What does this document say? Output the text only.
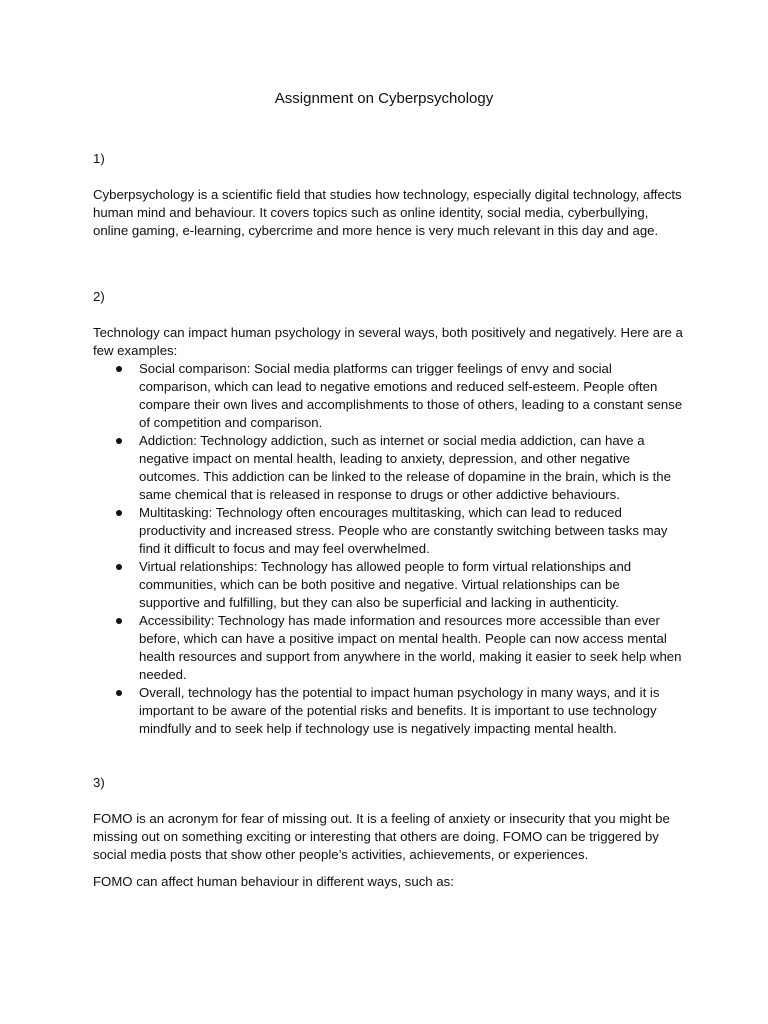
Assignment on Cyberpsychology
1)

Cyberpsychology is a scientific field that studies how technology, especially digital technology, affects human mind and behaviour. It covers topics such as online identity, social media, cyberbullying, online gaming, e-learning, cybercrime and more hence is very much relevant in this day and age.

2)

Technology can impact human psychology in several ways, both positively and negatively. Here are a few examples:

Social comparison: Social media platforms can trigger feelings of envy and social comparison, which can lead to negative emotions and reduced self-esteem. People often compare their own lives and accomplishments to those of others, leading to a constant sense of competition and comparison.
Addiction: Technology addiction, such as internet or social media addiction, can have a negative impact on mental health, leading to anxiety, depression, and other negative outcomes. This addiction can be linked to the release of dopamine in the brain, which is the same chemical that is released in response to drugs or other addictive behaviours.
Multitasking: Technology often encourages multitasking, which can lead to reduced productivity and increased stress. People who are constantly switching between tasks may find it difficult to focus and may feel overwhelmed.
Virtual relationships: Technology has allowed people to form virtual relationships and communities, which can be both positive and negative. Virtual relationships can be supportive and fulfilling, but they can also be superficial and lacking in authenticity.
Accessibility: Technology has made information and resources more accessible than ever before, which can have a positive impact on mental health. People can now access mental health resources and support from anywhere in the world, making it easier to seek help when needed.
Overall, technology has the potential to impact human psychology in many ways, and it is important to be aware of the potential risks and benefits. It is important to use technology mindfully and to seek help if technology use is negatively impacting mental health.
3)

FOMO is an acronym for fear of missing out. It is a feeling of anxiety or insecurity that you might be missing out on something exciting or interesting that others are doing. FOMO can be triggered by social media posts that show other people’s activities, achievements, or experiences.

FOMO can affect human behaviour in different ways, such as:
